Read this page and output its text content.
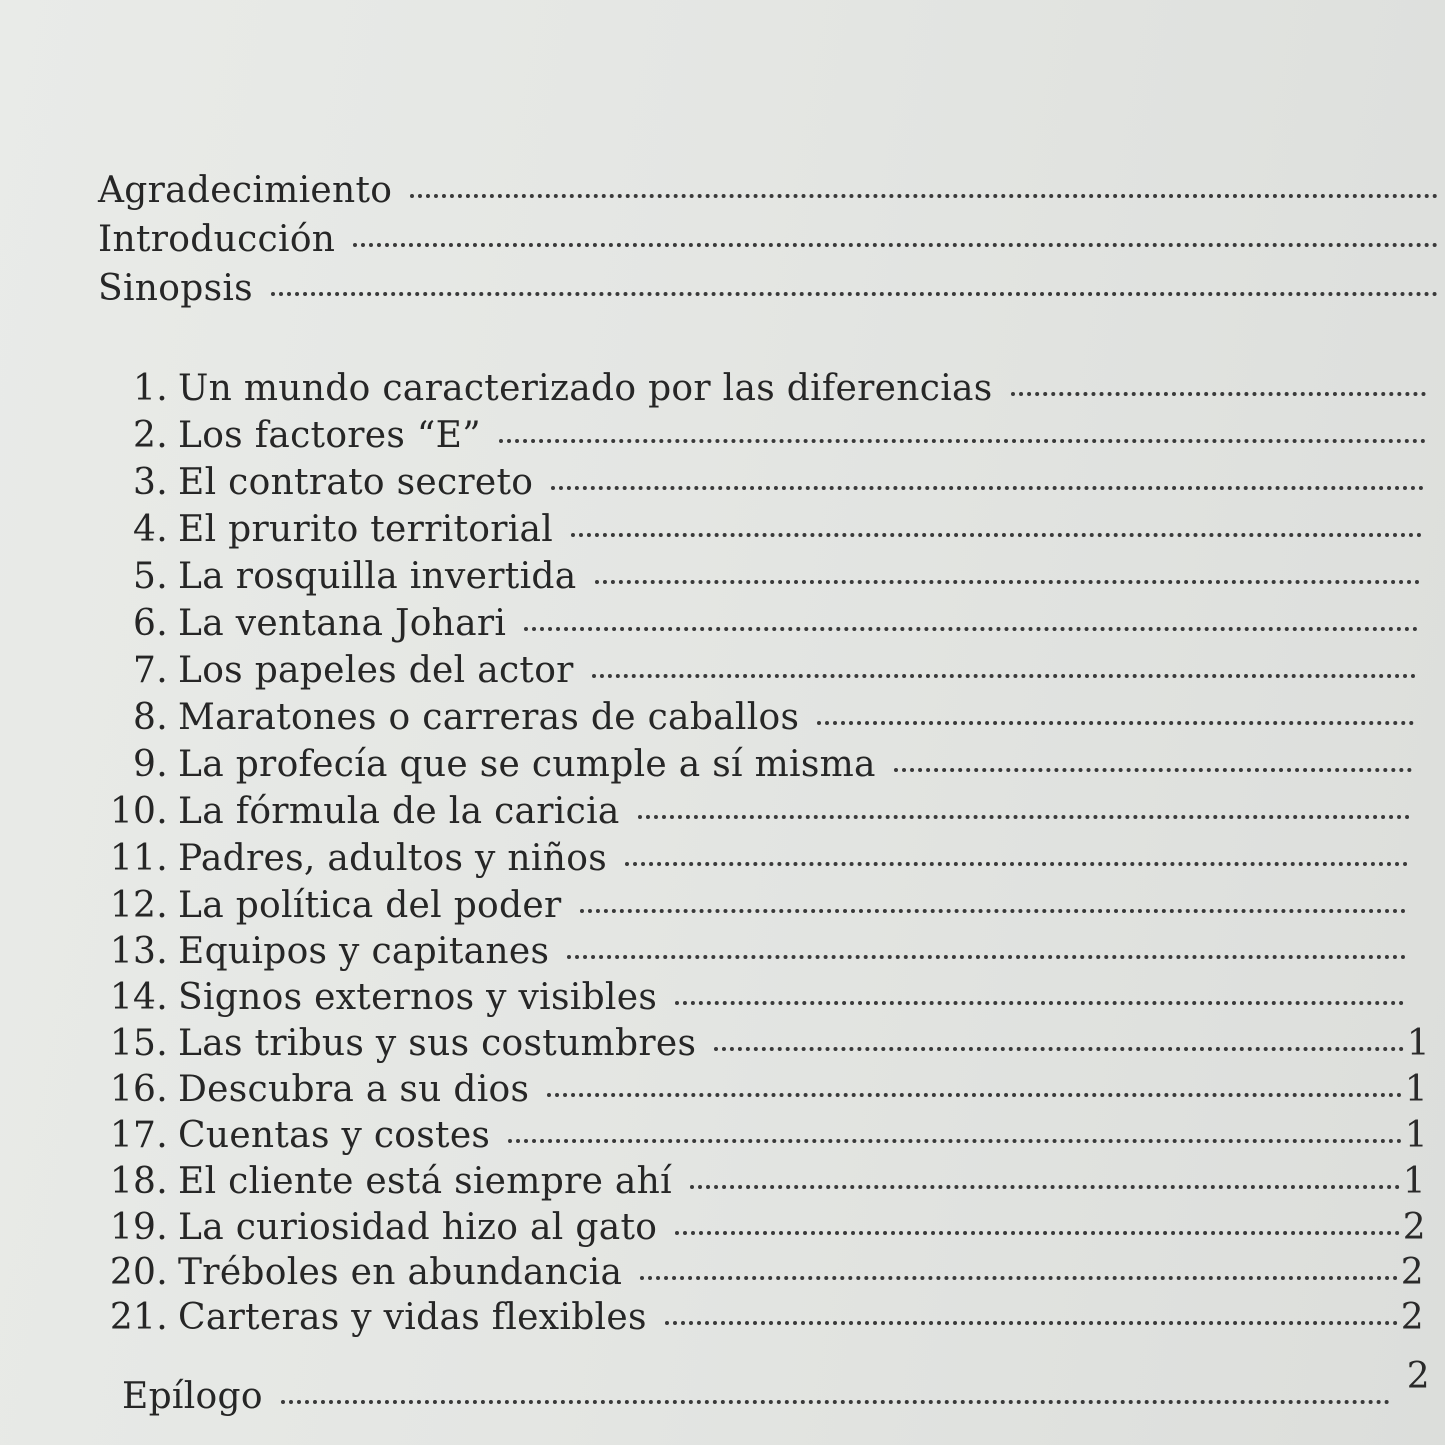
Agradecimiento
Introducción
Sinopsis
1. Un mundo caracterizado por las diferencias
2. Los factores “E”
3. El contrato secreto
4. El prurito territorial
5. La rosquilla invertida
6. La ventana Johari
7. Los papeles del actor
8. Maratones o carreras de caballos
9. La profecía que se cumple a sí misma
10. La fórmula de la caricia
11. Padres, adultos y niños
12. La política del poder
13. Equipos y capitanes
14. Signos externos y visibles
15. Las tribus y sus costumbres	1
16. Descubra a su dios	1
17. Cuentas y costes	1
18. El cliente está siempre ahí	1
19. La curiosidad hizo al gato	2
20. Tréboles en abundancia	2
21. Carteras y vidas flexibles	2
Epílogo	2
